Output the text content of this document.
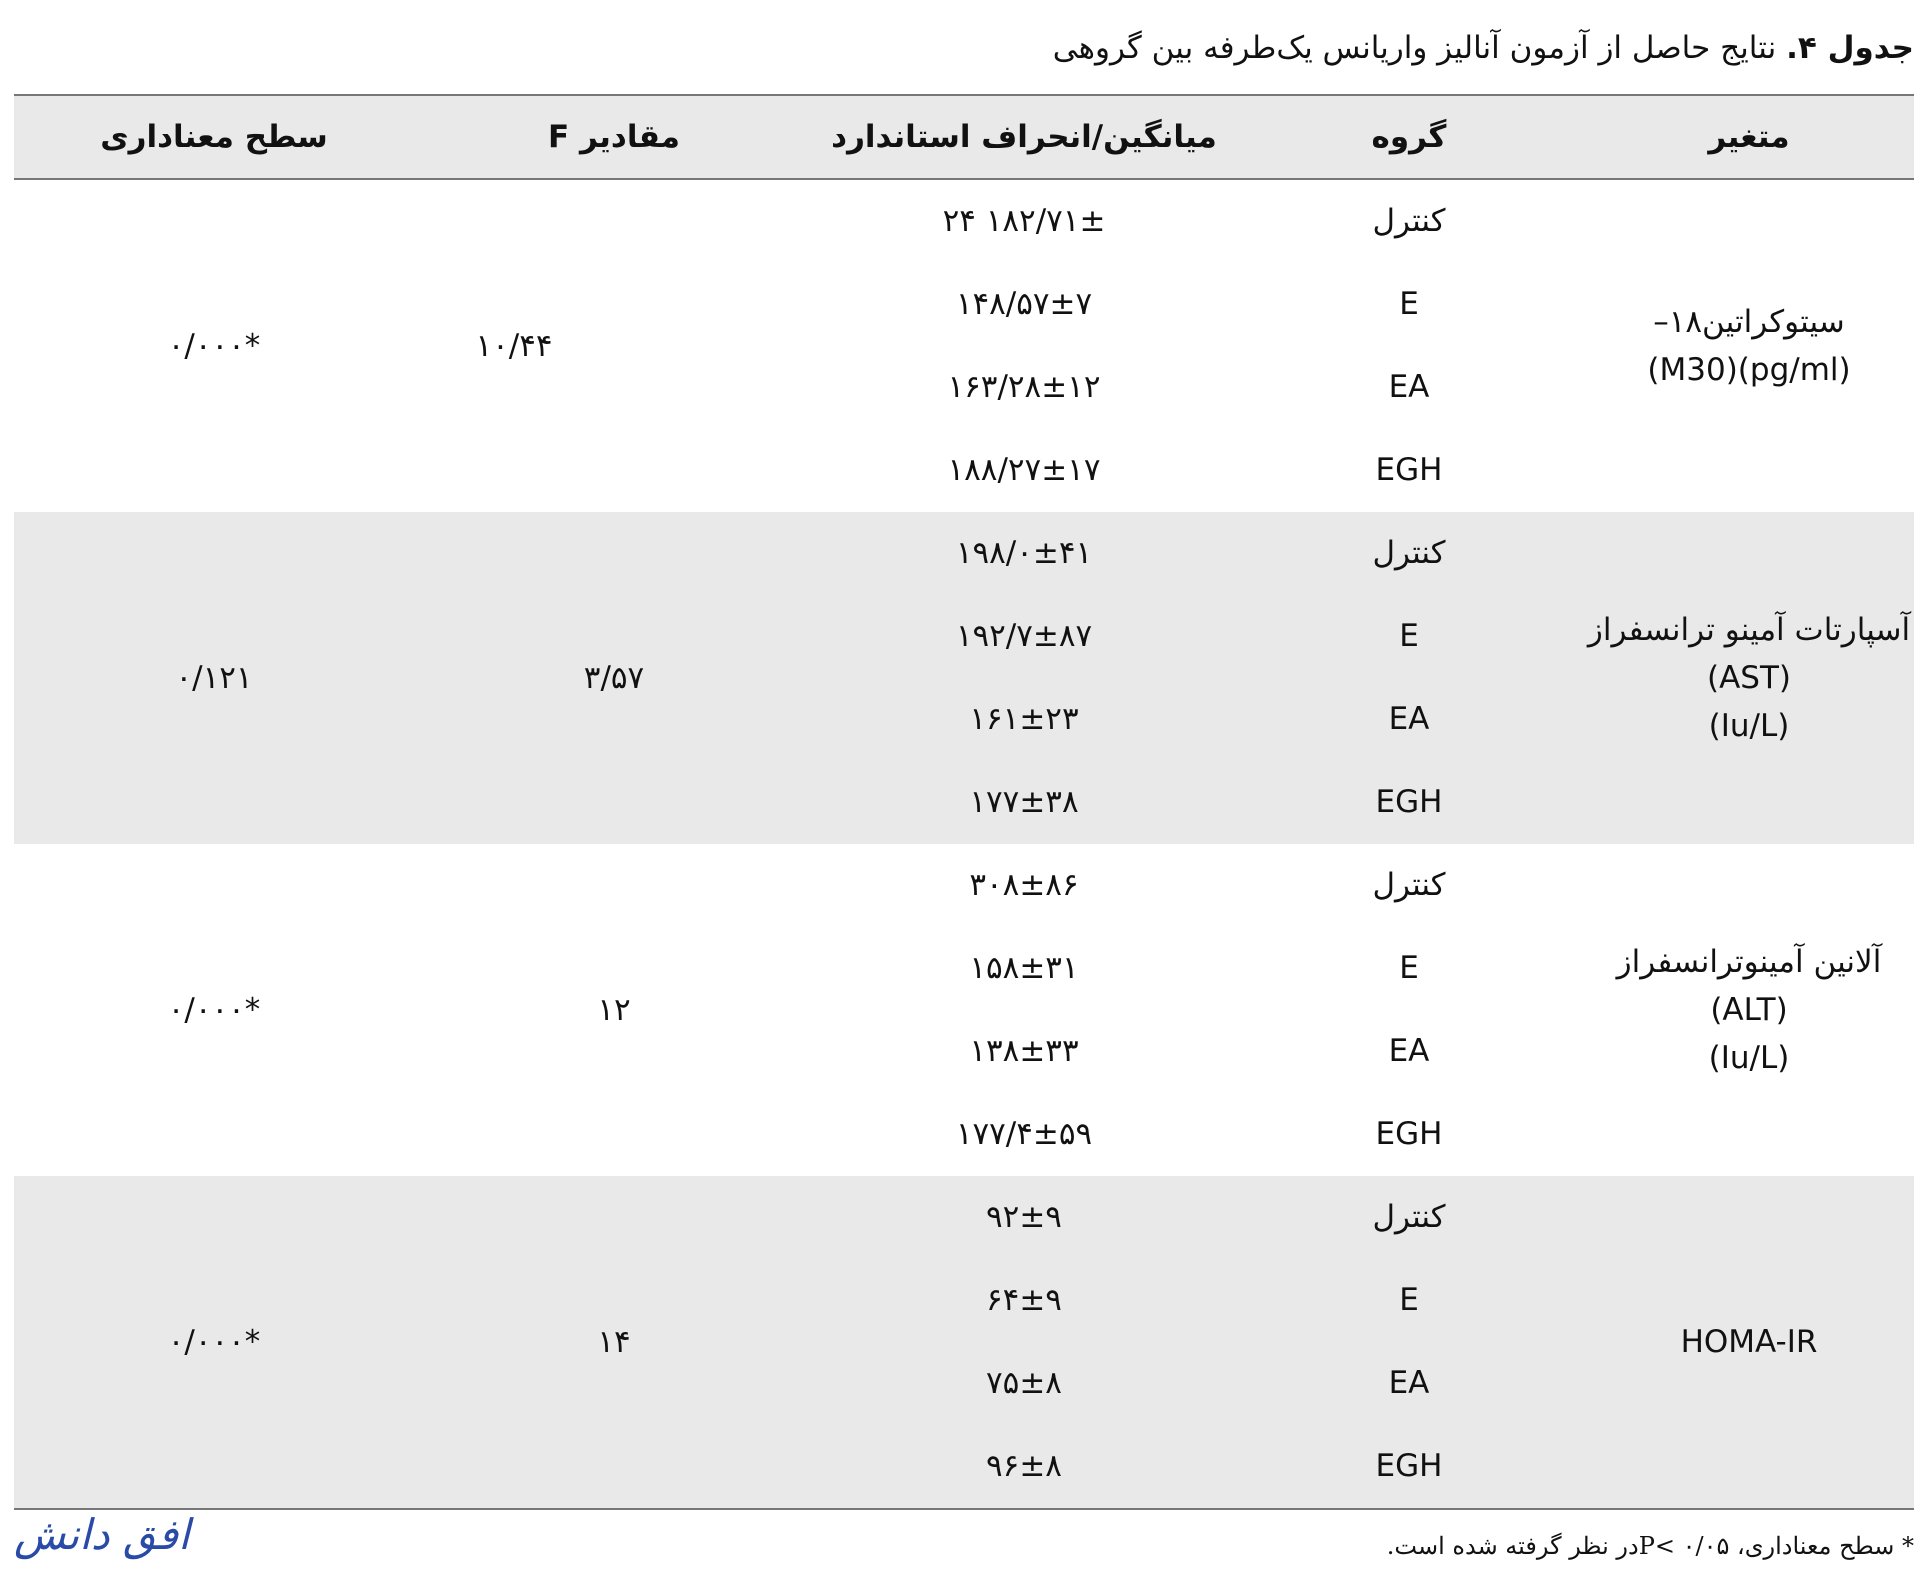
جدول ۴. نتایج حاصل از آزمون آنالیز واریانس یک‌طرفه بین گروهی
متغیر
گروه
میانگین/انحراف استاندارد
مقادیر F
سطح معناداری
سیتوکراتین۱۸–
(pg/ml)(M30)
کنترل
E
EA
EGH
۱۸۲/۷۱± ۲۴
۱۴۸/۵۷±۷
۱۶۳/۲۸±۱۲
۱۸۸/۲۷±۱۷
۱۰/۴۴
*۰/۰۰۰
آسپارتات آمینو ترانسفراز
(AST)
(Iu/L)
کنترل
E
EA
EGH
۱۹۸/۰±۴۱
۱۹۲/۷±۸۷
۱۶۱±۲۳
۱۷۷±۳۸
۳/۵۷
۰/۱۲۱
آلانین آمینوترانسفراز
(ALT)
(Iu/L)
کنترل
E
EA
EGH
۳۰۸±۸۶
۱۵۸±۳۱
۱۳۸±۳۳
۱۷۷/۴±۵۹
۱۲
*۰/۰۰۰
HOMA-IR
کنترل
E
EA
EGH
۹۲±۹
۶۴±۹
۷۵±۸
۹۶±۸
۱۴
*۰/۰۰۰
* سطح معناداری، P< ۰/۰۵در نظر گرفته شده است.
افق دانش
